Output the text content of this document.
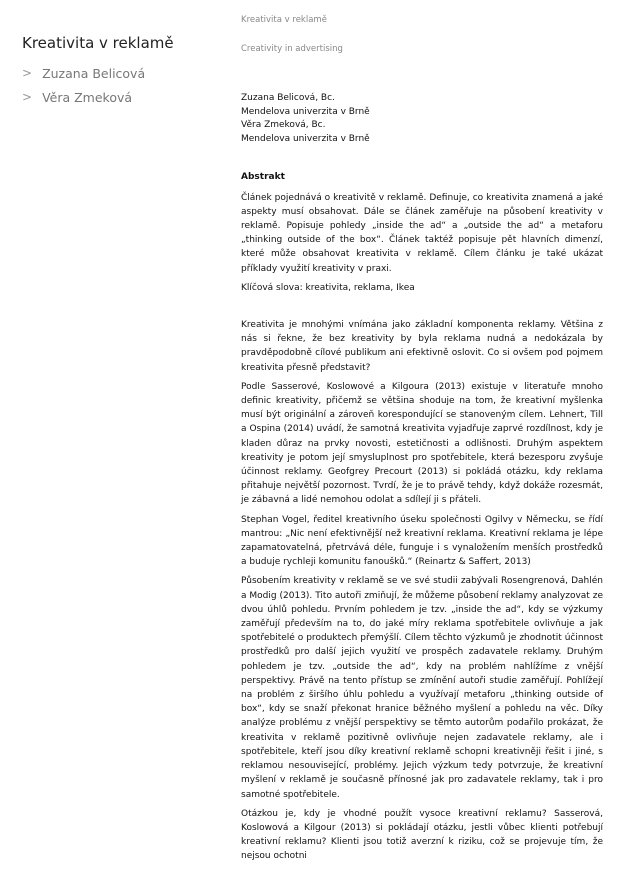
Kreativita v reklamě
> Zuzana Belicová
> Věra Zmeková
Kreativita v reklamě
Creativity in advertising
Zuzana Belicová, Bc.
Mendelova univerzita v Brně
Věra Zmeková, Bc.
Mendelova univerzita v Brně
Abstrakt

Článek pojednává o kreativitě v reklamě. Definuje, co kreativita znamená a jaké aspekty musí obsahovat. Dále se článek zaměřuje na působení kreativity v reklamě. Popisuje pohledy „inside the ad“ a „outside the ad“ a metaforu „thinking outside of the box“. Článek taktéž popisuje pět hlavních dimenzí, které může obsahovat kreativita v reklamě. Cílem článku je také ukázat příklady využití kreativity v praxi.

Klíčová slova: kreativita, reklama, Ikea

Kreativita je mnohými vnímána jako základní komponenta reklamy. Většina z nás si řekne, že bez kreativity by byla reklama nudná a nedokázala by pravděpodobně cílové publikum ani efektivně oslovit. Co si ovšem pod pojmem kreativita přesně představit?

Podle Sasserové, Koslowové a Kilgoura (2013) existuje v literatuře mnoho definic kreativity, přičemž se většina shoduje na tom, že kreativní myšlenka musí být originální a zároveň korespondující se stanoveným cílem. Lehnert, Till a Ospina (2014) uvádí, že samotná kreativita vyjadřuje zaprvé rozdílnost, kdy je kladen důraz na prvky novosti, estetičnosti a odlišnosti. Druhým aspektem kreativity je potom její smysluplnost pro spotřebitele, která bezesporu zvyšuje účinnost reklamy. Geofgrey Precourt (2013) si pokládá otázku, kdy reklama přitahuje největší pozornost. Tvrdí, že je to právě tehdy, když dokáže rozesmát, je zábavná a lidé nemohou odolat a sdílejí ji s přáteli.

Stephan Vogel, ředitel kreativního úseku společnosti Ogilvy v Německu, se řídí mantrou: „Nic není efektivnější než kreativní reklama. Kreativní reklama je lépe zapamatovatelná, přetrvává déle, funguje i s vynaložením menších prostředků a buduje rychleji komunitu fanoušků.“ (Reinartz & Saffert, 2013)

Působením kreativity v reklamě se ve své studii zabývali Rosengrenová, Dahlén a Modig (2013). Tito autoři zmiňují, že můžeme působení reklamy analyzovat ze dvou úhlů pohledu. Prvním pohledem je tzv. „inside the ad“, kdy se výzkumy zaměřují především na to, do jaké míry reklama spotřebitele ovlivňuje a jak spotřebitelé o produktech přemýšlí. Cílem těchto výzkumů je zhodnotit účinnost prostředků pro další jejich využití ve prospěch zadavatele reklamy. Druhým pohledem je tzv. „outside the ad“, kdy na problém nahlížíme z vnější perspektivy. Právě na tento přístup se zmínění autoři studie zaměřují. Pohlížejí na problém z širšího úhlu pohledu a využívají metaforu „thinking outside of box“, kdy se snaží překonat hranice běžného myšlení a pohledu na věc. Díky analýze problému z vnější perspektivy se těmto autorům podařilo prokázat, že kreativita v reklamě pozitivně ovlivňuje nejen zadavatele reklamy, ale i spotřebitele, kteří jsou díky kreativní reklamě schopni kreativněji řešit i jiné, s reklamou nesouvisející, problémy. Jejich výzkum tedy potvrzuje, že kreativní myšlení v reklamě je současně přínosné jak pro zadavatele reklamy, tak i pro samotné spotřebitele.

Otázkou je, kdy je vhodné použít vysoce kreativní reklamu? Sasserová, Koslowová a Kilgour (2013) si pokládají otázku, jestli vůbec klienti potřebují kreativní reklamu? Klienti jsou totiž averzní k riziku, což se projevuje tím, že nejsou ochotni
